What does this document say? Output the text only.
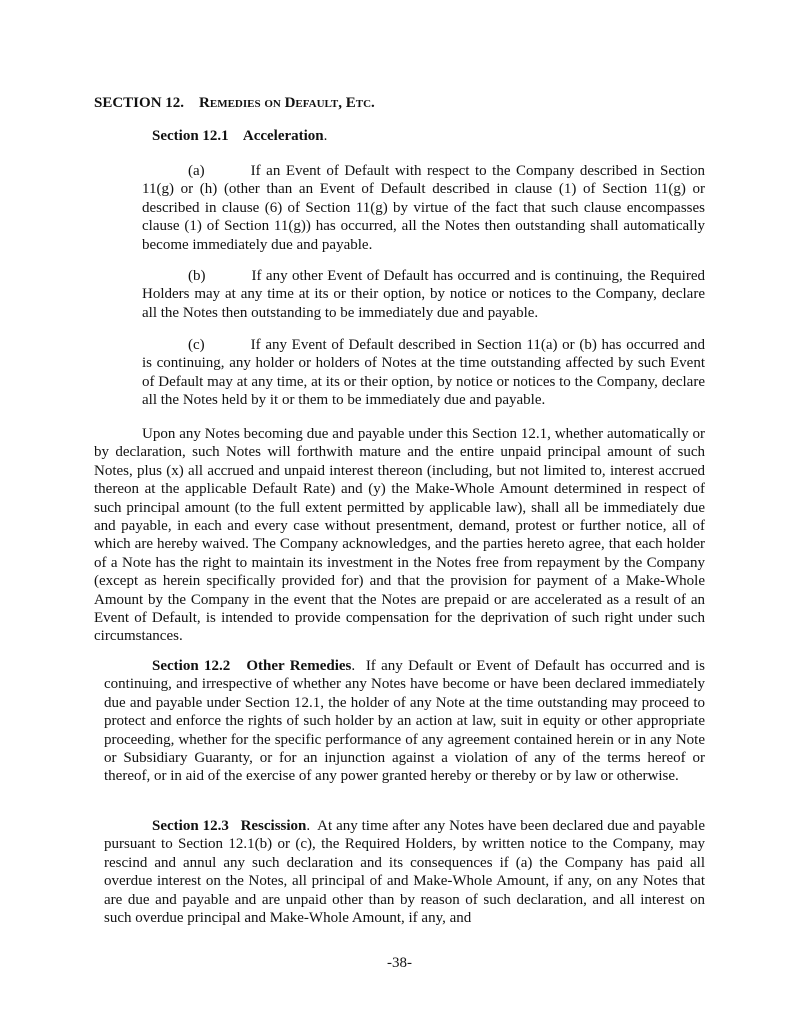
SECTION 12. Remedies on Default, Etc.
Section 12.1 Acceleration.

(a)	If an Event of Default with respect to the Company described in Section 11(g) or (h) (other than an Event of Default described in clause (1) of Section 11(g) or described in clause (6) of Section 11(g) by virtue of the fact that such clause encompasses clause (1) of Section 11(g)) has occurred, all the Notes then outstanding shall automatically become immediately due and payable.

(b)	If any other Event of Default has occurred and is continuing, the Required Holders may at any time at its or their option, by notice or notices to the Company, declare all the Notes then outstanding to be immediately due and payable.

(c)	If any Event of Default described in Section 11(a) or (b) has occurred and is continuing, any holder or holders of Notes at the time outstanding affected by such Event of Default may at any time, at its or their option, by notice or notices to the Company, declare all the Notes held by it or them to be immediately due and payable.

Upon any Notes becoming due and payable under this Section 12.1, whether automatically or by declaration, such Notes will forthwith mature and the entire unpaid principal amount of such Notes, plus (x) all accrued and unpaid interest thereon (including, but not limited to, interest accrued thereon at the applicable Default Rate) and (y) the Make-Whole Amount determined in respect of such principal amount (to the full extent permitted by applicable law), shall all be immediately due and payable, in each and every case without presentment, demand, protest or further notice, all of which are hereby waived. The Company acknowledges, and the parties hereto agree, that each holder of a Note has the right to maintain its investment in the Notes free from repayment by the Company (except as herein specifically provided for) and that the provision for payment of a Make-Whole Amount by the Company in the event that the Notes are prepaid or are accelerated as a result of an Event of Default, is intended to provide compensation for the deprivation of such right under such circumstances.

Section 12.2 Other Remedies.  If any Default or Event of Default has occurred and is continuing, and irrespective of whether any Notes have become or have been declared immediately due and payable under Section 12.1, the holder of any Note at the time outstanding may proceed to protect and enforce the rights of such holder by an action at law, suit in equity or other appropriate proceeding, whether for the specific performance of any agreement contained herein or in any Note or Subsidiary Guaranty, or for an injunction against a violation of any of the terms hereof or thereof, or in aid of the exercise of any power granted hereby or thereby or by law or otherwise.

Section 12.3 Rescission.  At any time after any Notes have been declared due and payable pursuant to Section 12.1(b) or (c), the Required Holders, by written notice to the Company, may rescind and annul any such declaration and its consequences if (a) the Company has paid all overdue interest on the Notes, all principal of and Make-Whole Amount, if any, on any Notes that are due and payable and are unpaid other than by reason of such declaration, and all interest on such overdue principal and Make-Whole Amount, if any, and

-38-
